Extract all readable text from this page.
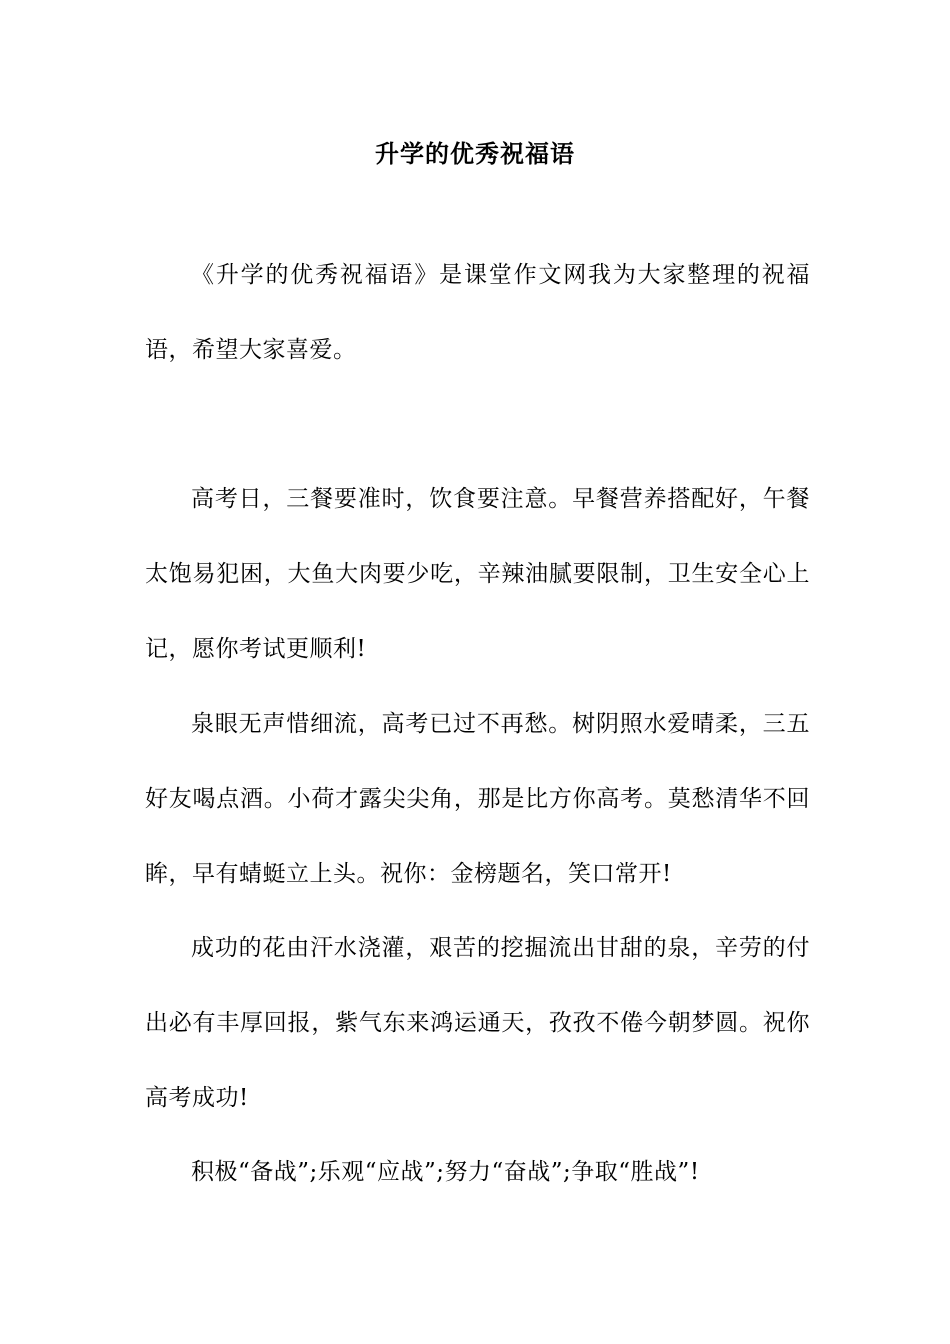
升学的优秀祝福语

《升学的优秀祝福语》是课堂作文网我为大家整理的祝福语，希望大家喜爱。

高考日，三餐要准时，饮食要注意。早餐营养搭配好，午餐太饱易犯困，大鱼大肉要少吃，辛辣油腻要限制，卫生安全心上记，愿你考试更顺利!

泉眼无声惜细流，高考已过不再愁。树阴照水爱晴柔，三五好友喝点酒。小荷才露尖尖角，那是比方你高考。莫愁清华不回眸，早有蜻蜓立上头。祝你：金榜题名，笑口常开!

成功的花由汗水浇灌，艰苦的挖掘流出甘甜的泉，辛劳的付出必有丰厚回报，紫气东来鸿运通天，孜孜不倦今朝梦圆。祝你高考成功!

积极“备战”;乐观“应战”;努力“奋战”;争取“胜战”!
